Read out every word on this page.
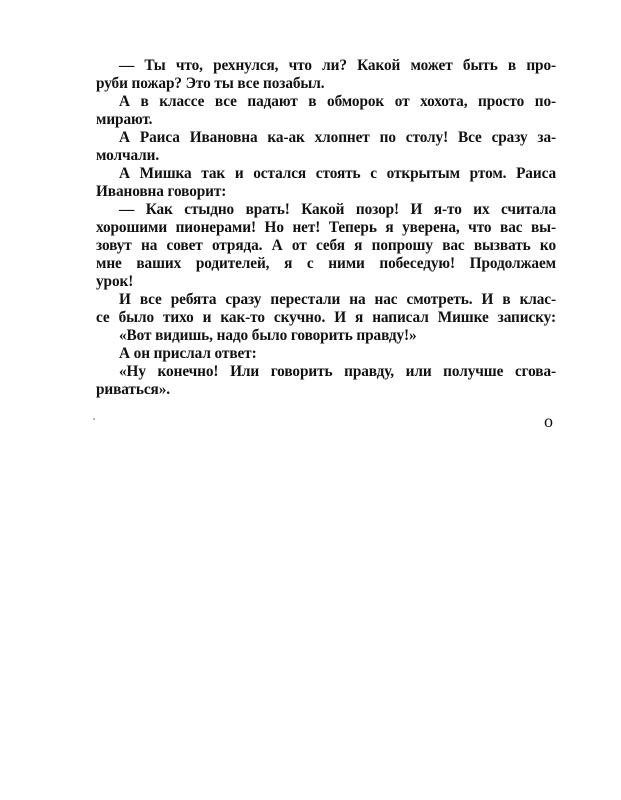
— Ты что, рехнулся, что ли? Какой может быть в про-
руби пожар? Это ты все позабыл.
А в классе все падают в обморок от хохота, просто по-
мирают.
А Раиса Ивановна ка-ак хлопнет по столу! Все сразу за-
молчали.
А Мишка так и остался стоять с открытым ртом. Раиса
Ивановна говорит:
— Как стыдно врать! Какой позор! И я-то их считала
хорошими пионерами! Но нет! Теперь я уверена, что вас вы-
зовут на совет отряда. А от себя я попрошу вас вызвать ко
мне ваших родителей, я с ними побеседую! Продолжаем
урок!
И все ребята сразу перестали на нас смотреть. И в клас-
се было тихо и как-то скучно. И я написал Мишке записку:
«Вот видишь, надо было говорить правду!»
А он прислал ответ:
«Ну конечно! Или говорить правду, или получше сгова-
риваться».
o
